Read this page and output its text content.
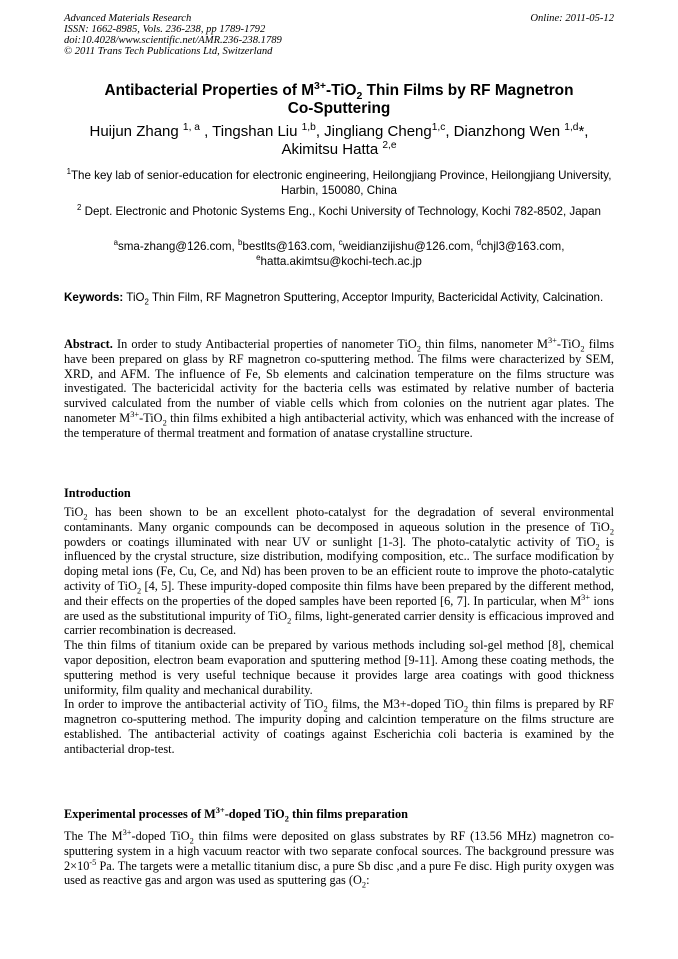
Advanced Materials Research
ISSN: 1662-8985, Vols. 236-238, pp 1789-1792
doi:10.4028/www.scientific.net/AMR.236-238.1789
© 2011 Trans Tech Publications Ltd, Switzerland
Online: 2011-05-12
Antibacterial Properties of $M^{3+}-TiO_2$ Thin Films by RF Magnetron
Co-Sputtering
Huijun Zhang $^{1, a}$ , Tingshan Liu $^{1,b}$, Jingliang Cheng$^{1,c}$, Dianzhong Wen $^{1,d}$*,
Akimitsu Hatta $^{2,e}$
$^1$The key lab of senior-education for electronic engineering, Heilongjiang Province, Heilongjiang University, Harbin, 150080, China
$^2$ Dept. Electronic and Photonic Systems Eng., Kochi University of Technology, Kochi 782-8502, Japan
$^a$sma-zhang@126.com, $^b$bestlts@163.com, $^c$weidianzijishu@126.com, $^d$chjl3@163.com,
$^e$hatta.akimtsu@kochi-tech.ac.jp
Keywords: TiO$_2$ Thin Film, RF Magnetron Sputtering, Acceptor Impurity, Bactericidal Activity, Calcination.
Abstract. In order to study Antibacterial properties of nanometer TiO$_2$ thin films, nanometer $M^{3+}-TiO_2$ films have been prepared on glass by RF magnetron co-sputtering method. The films were characterized by SEM, XRD, and AFM. The influence of Fe, Sb elements and calcination temperature on the films structure was investigated. The bactericidal activity for the bacteria cells was estimated by relative number of bacteria survived calculated from the number of viable cells which from colonies on the nutrient agar plates. The nanometer $M^{3+}-TiO_2$ thin films exhibited a high antibacterial activity, which was enhanced with the increase of the temperature of thermal treatment and formation of anatase crystalline structure.
Introduction

TiO$_2$ has been shown to be an excellent photo-catalyst for the degradation of several environmental contaminants. Many organic compounds can be decomposed in aqueous solution in the presence of TiO$_2$ powders or coatings illuminated with near UV or sunlight [1-3]. The photo-catalytic activity of TiO$_2$ is influenced by the crystal structure, size distribution, modifying composition, etc.. The surface modification by doping metal ions (Fe, Cu, Ce, and Nd) has been proven to be an efficient route to improve the photo-catalytic activity of TiO$_2$ [4, 5]. These impurity-doped composite thin films have been prepared by the different method, and their effects on the properties of the doped samples have been reported [6, 7]. In particular, when $M^{3+}$ ions are used as the substitutional impurity of TiO$_2$ films, light-generated carrier density is efficacious improved and carrier recombination is decreased.

The thin films of titanium oxide can be prepared by various methods including sol-gel method [8], chemical vapor deposition, electron beam evaporation and sputtering method [9-11]. Among these coating methods, the sputtering method is very useful technique because it provides large area coatings with good thickness uniformity, film quality and mechanical durability.

In order to improve the antibacterial activity of TiO$_2$ films, the M3+-doped TiO$_2$ thin films is prepared by RF magnetron co-sputtering method. The impurity doping and calcintion temperature on the films structure are established. The antibacterial activity of coatings against Escherichia coli bacteria is examined by the antibacterial drop-test.

Experimental processes of $M^{3+}$-doped TiO$_2$ thin films preparation
The The $M^{3+}$-doped TiO$_2$ thin films were deposited on glass substrates by RF (13.56 MHz) magnetron co-sputtering system in a high vacuum reactor with two separate confocal sources. The background pressure was $2\times 10^{-5}$ Pa. The targets were a metallic titanium disc, a pure Sb disc ,and a pure Fe disc. High purity oxygen was used as reactive gas and argon was used as sputtering gas ($O_2$:
